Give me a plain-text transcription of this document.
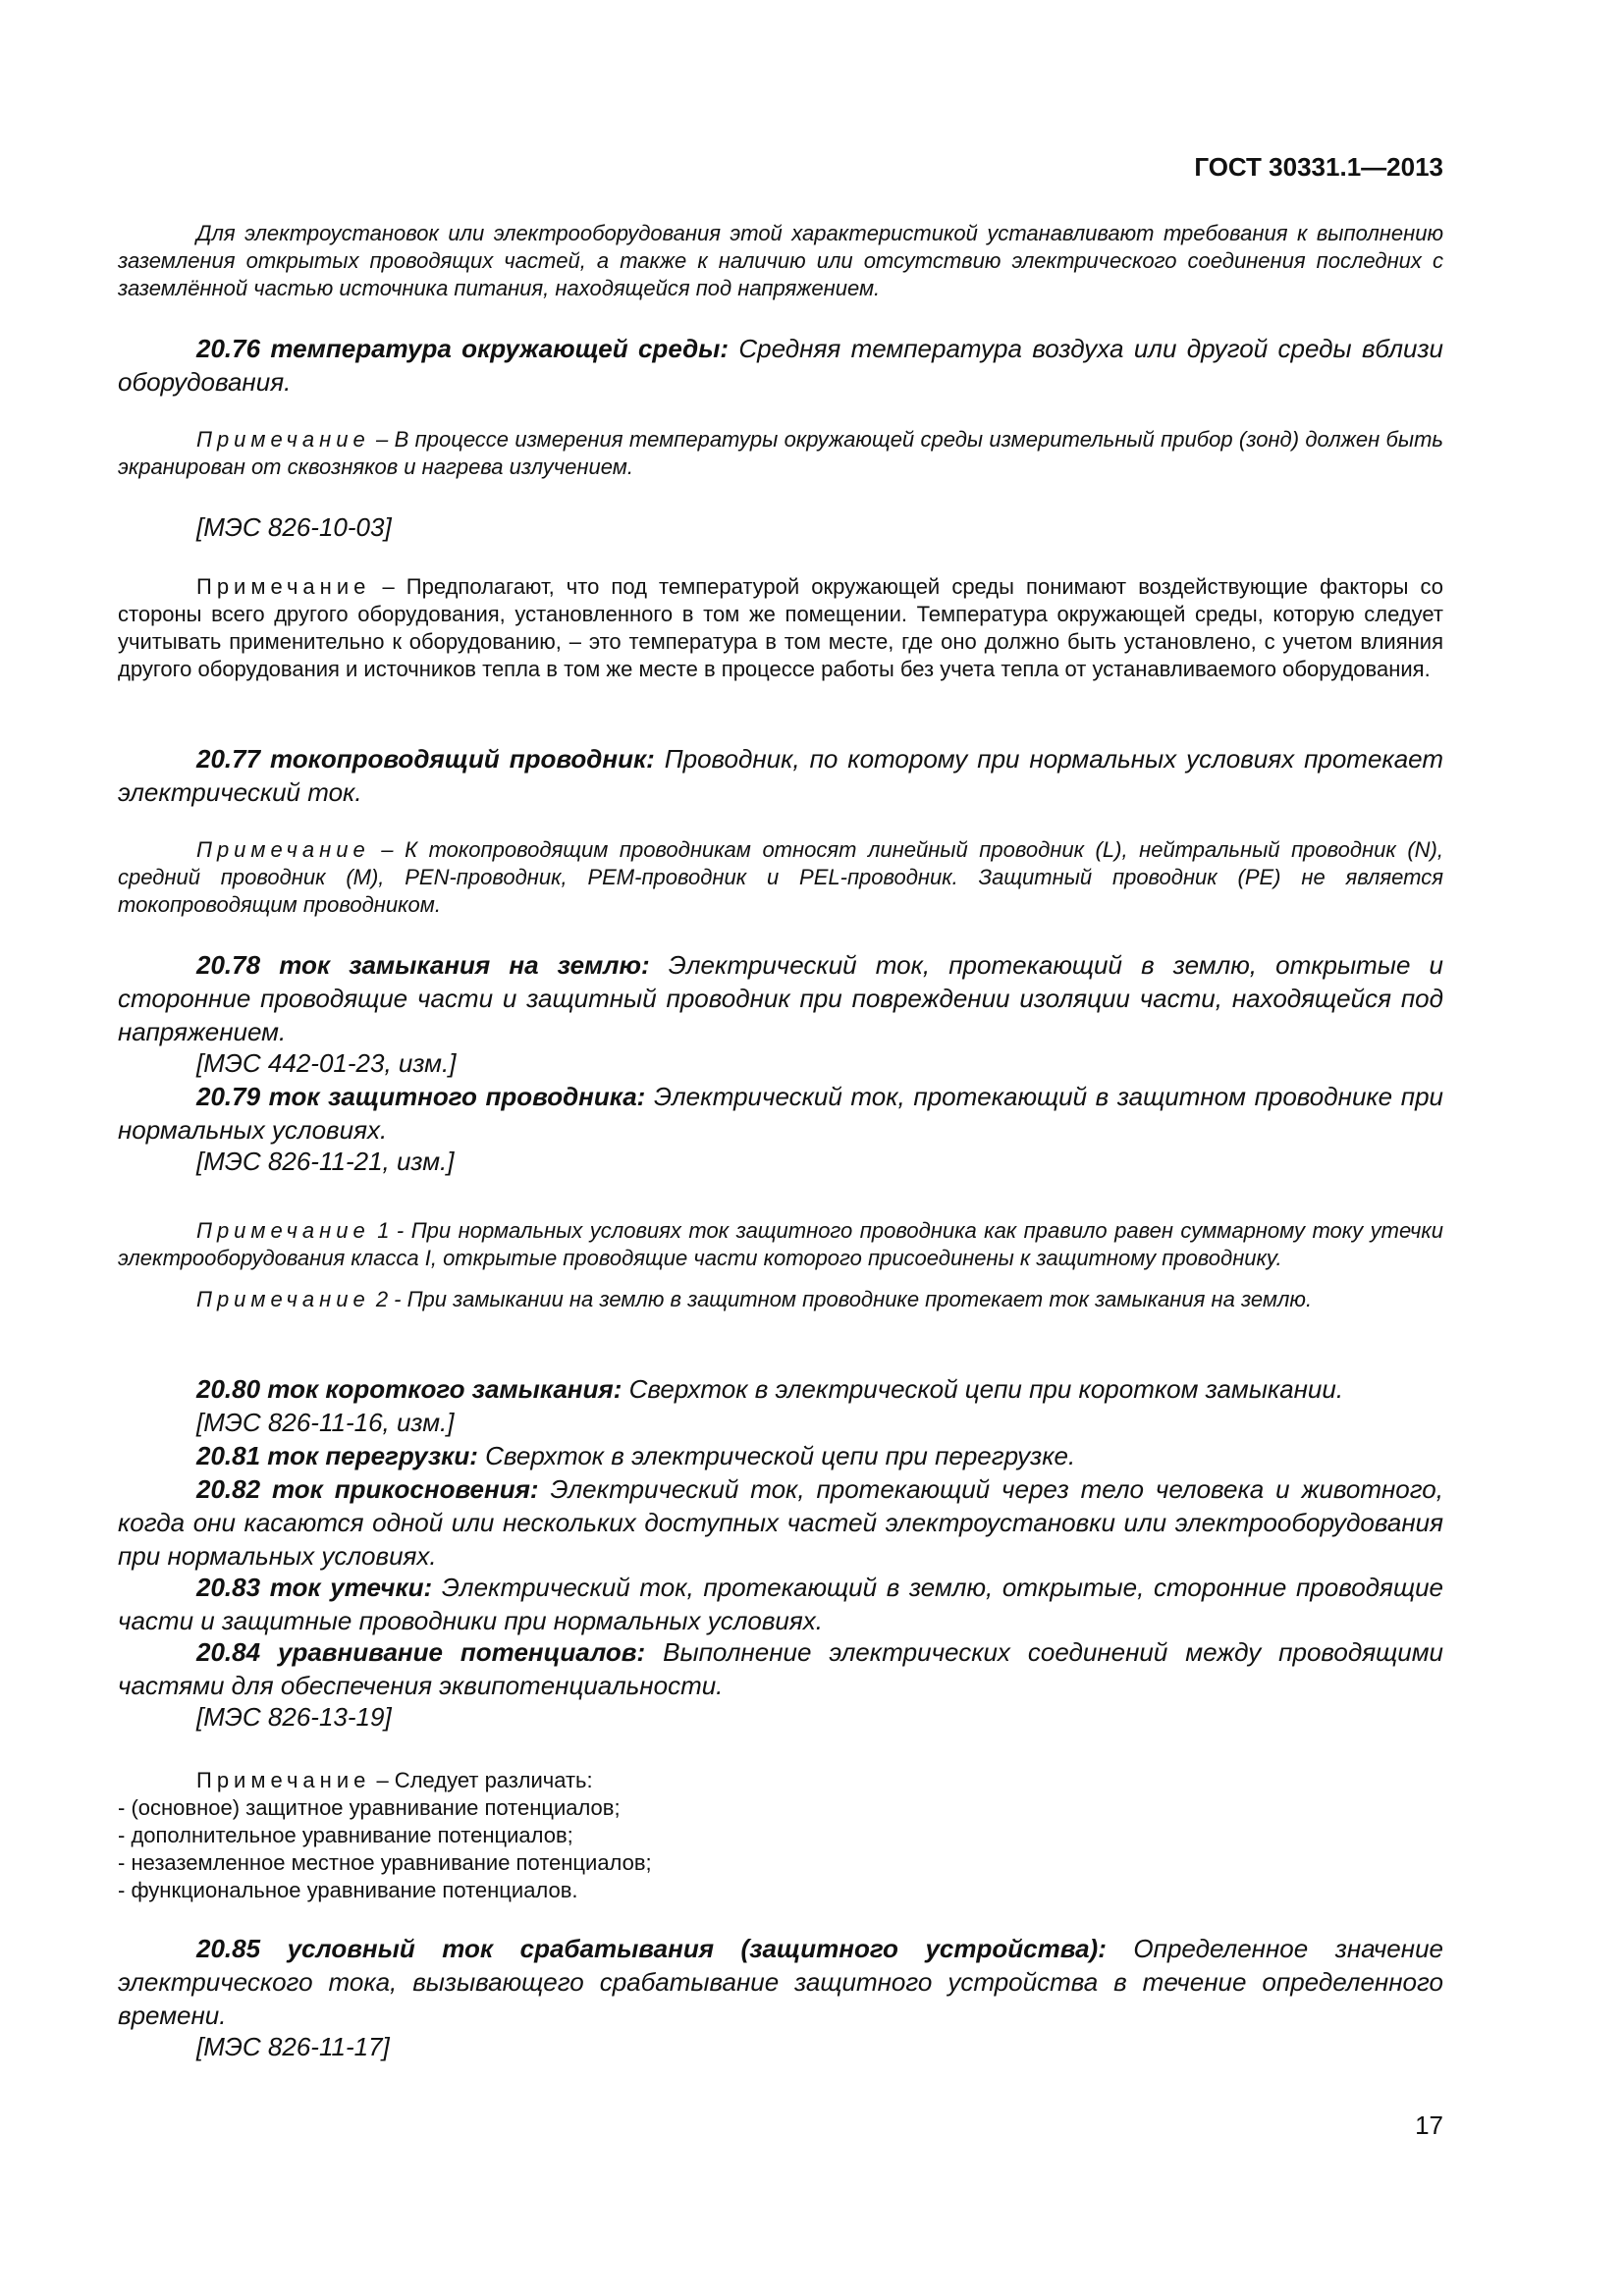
ГОСТ 30331.1—2013

Для электроустановок или электрооборудования этой характеристикой устанавливают требования к выполнению заземления открытых проводящих частей, а также к наличию или отсутствию электрического соединения последних с заземлённой частью источника питания, находящейся под напряжением.

20.76 температура окружающей среды: Средняя температура воздуха или другой среды вблизи оборудования.

Примечание – В процессе измерения температуры окружающей среды измерительный прибор (зонд) должен быть экранирован от сквозняков и нагрева излучением.

[МЭС 826-10-03]

Примечание – Предполагают, что под температурой окружающей среды понимают воздействующие факторы со стороны всего другого оборудования, установленного в том же помещении. Температура окружающей среды, которую следует учитывать применительно к оборудованию, – это температура в том месте, где оно должно быть установлено, с учетом влияния другого оборудования и источников тепла в том же месте в процессе работы без учета тепла от устанавливаемого оборудования.

20.77 токопроводящий проводник: Проводник, по которому при нормальных условиях протекает электрический ток.

Примечание – К токопроводящим проводникам относят линейный проводник (L), нейтральный проводник (N), средний проводник (M), PEN-проводник, PEM-проводник и PEL-проводник. Защитный проводник (PE) не является токопроводящим проводником.

20.78 ток замыкания на землю: Электрический ток, протекающий в землю, открытые и сторонние проводящие части и защитный проводник при повреждении изоляции части, находящейся под напряжением.

[МЭС 442-01-23, изм.]

20.79 ток защитного проводника: Электрический ток, протекающий в защитном проводнике при нормальных условиях.

[МЭС 826-11-21, изм.]

Примечание 1 - При нормальных условиях ток защитного проводника как правило равен суммарному току утечки электрооборудования класса I, открытые проводящие части которого присоединены к защитному проводнику.

Примечание 2 - При замыкании на землю в защитном проводнике протекает ток замыкания на землю.

20.80 ток короткого замыкания: Сверхток в электрической цепи при коротком замыкании.

[МЭС 826-11-16, изм.]

20.81 ток перегрузки: Сверхток в электрической цепи при перегрузке.

20.82 ток прикосновения: Электрический ток, протекающий через тело человека и животного, когда они касаются одной или нескольких доступных частей электроустановки или электрооборудования при нормальных условиях.

20.83 ток утечки: Электрический ток, протекающий в землю, открытые, сторонние проводящие части и защитные проводники при нормальных условиях.

20.84 уравнивание потенциалов: Выполнение электрических соединений между проводящими частями для обеспечения эквипотенциальности.

[МЭС 826-13-19]

Примечание – Следует различать:

- (основное) защитное уравнивание потенциалов;

- дополнительное уравнивание потенциалов;

- незаземленное местное уравнивание потенциалов;

- функциональное уравнивание потенциалов.

20.85 условный ток срабатывания (защитного устройства): Определенное значение электрического тока, вызывающего срабатывание защитного устройства в течение определенного времени.

[МЭС 826-11-17]

17
